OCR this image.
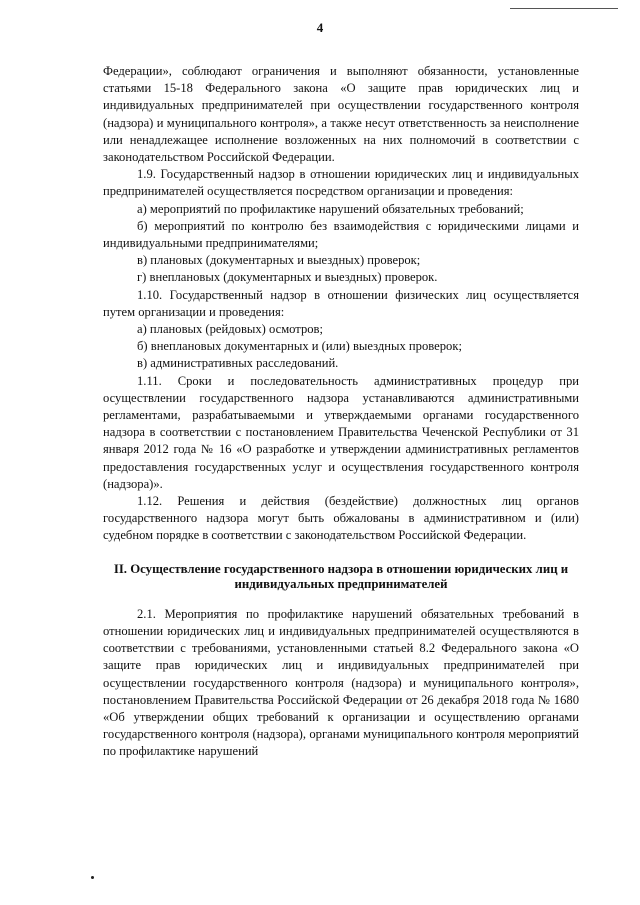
4

Федерации», соблюдают ограничения и выполняют обязанности, установленные статьями 15-18 Федерального закона «О защите прав юридических лиц и индивидуальных предпринимателей при осуществлении государственного контроля (надзора) и муниципального контроля», а также несут ответственность за неисполнение или ненадлежащее исполнение возложенных на них полномочий в соответствии с законодательством Российской Федерации.

1.9. Государственный надзор в отношении юридических лиц и индивидуальных предпринимателей осуществляется посредством организации и проведения:

а) мероприятий по профилактике нарушений обязательных требований;

б) мероприятий по контролю без взаимодействия с юридическими лицами и индивидуальными предпринимателями;

в) плановых (документарных и выездных) проверок;

г) внеплановых (документарных и выездных) проверок.

1.10. Государственный надзор в отношении физических лиц осуществляется путем организации и проведения:

а) плановых (рейдовых) осмотров;

б) внеплановых документарных и (или) выездных проверок;

в) административных расследований.

1.11. Сроки и последовательность административных процедур при осуществлении государственного надзора устанавливаются административными регламентами, разрабатываемыми и утверждаемыми органами государственного надзора в соответствии с постановлением Правительства Чеченской Республики от 31 января 2012 года № 16 «О разработке и утверждении административных регламентов предоставления государственных услуг и осуществления государственного контроля (надзора)».

1.12. Решения и действия (бездействие) должностных лиц органов государственного надзора могут быть обжалованы в административном и (или) судебном порядке в соответствии с законодательством Российской Федерации.

II. Осуществление государственного надзора в отношении юридических лиц и индивидуальных предпринимателей

2.1. Мероприятия по профилактике нарушений обязательных требований в отношении юридических лиц и индивидуальных предпринимателей осуществляются в соответствии с требованиями, установленными статьей 8.2 Федерального закона «О защите прав юридических лиц и индивидуальных предпринимателей при осуществлении государственного контроля (надзора) и муниципального контроля», постановлением Правительства Российской Федерации от 26 декабря 2018 года № 1680 «Об утверждении общих требований к организации и осуществлению органами государственного контроля (надзора), органами муниципального контроля мероприятий по профилактике нарушений
